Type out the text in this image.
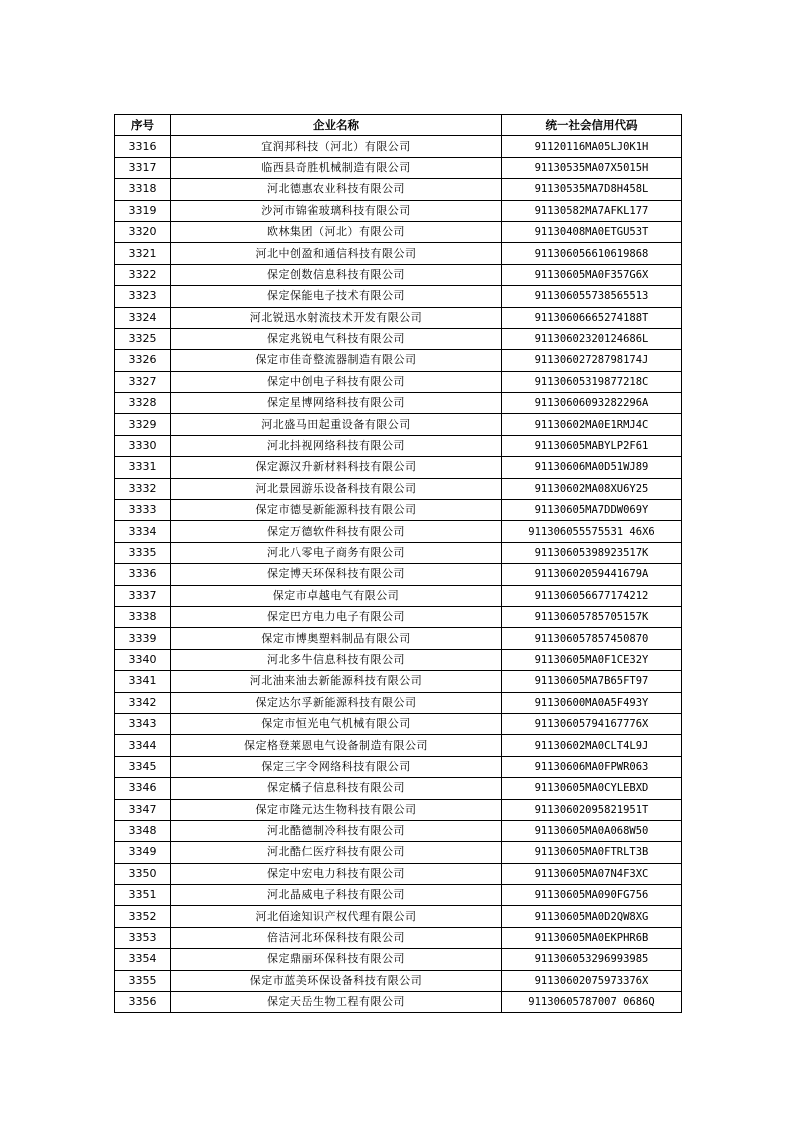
序号	企业名称	统一社会信用代码
3316	宜润邦科技（河北）有限公司	91120116MA05LJ0K1H
3317	临西县奇胜机械制造有限公司	91130535MA07X5015H
3318	河北德惠农业科技有限公司	91130535MA7D8H458L
3319	沙河市锦雀玻璃科技有限公司	91130582MA7AFKL177
3320	欧林集团（河北）有限公司	91130408MA0ETGU53T
3321	河北中创盈和通信科技有限公司	911306056610619868
3322	保定创数信息科技有限公司	91130605MA0F357G6X
3323	保定保能电子技术有限公司	911306055738565513
3324	河北锐迅水射流技术开发有限公司	91130606665274188T
3325	保定兆锐电气科技有限公司	91130602320124686L
3326	保定市佳奇整流器制造有限公司	91130602728798174J
3327	保定中创电子科技有限公司	91130605319877218C
3328	保定星博网络科技有限公司	91130606093282296A
3329	河北盛马田起重设备有限公司	91130602MA0E1RMJ4C
3330	河北抖视网络科技有限公司	91130605MABYLP2F61
3331	保定源汉升新材料科技有限公司	91130606MA0D51WJ89
3332	河北景园游乐设备科技有限公司	91130602MA08XU6Y25
3333	保定市德旻新能源科技有限公司	91130605MA7DDW069Y
3334	保定万德软件科技有限公司	911306055575531 46X6
3335	河北八零电子商务有限公司	91130605398923517K
3336	保定博天环保科技有限公司	91130602059441679A
3337	保定市卓越电气有限公司	911306056677174212
3338	保定巴方电力电子有限公司	91130605785705157K
3339	保定市博奥塑料制品有限公司	911306057857450870
3340	河北多牛信息科技有限公司	91130605MA0F1CE32Y
3341	河北油来油去新能源科技有限公司	91130605MA7B65FT97
3342	保定达尔孚新能源科技有限公司	91130600MA0A5F493Y
3343	保定市恒光电气机械有限公司	91130605794167776X
3344	保定格登莱恩电气设备制造有限公司	91130602MA0CLT4L9J
3345	保定三字令网络科技有限公司	91130606MA0FPWR063
3346	保定橘子信息科技有限公司	91130605MA0CYLEBXD
3347	保定市隆元达生物科技有限公司	91130602095821951T
3348	河北酷德制冷科技有限公司	91130605MA0A068W50
3349	河北酷仁医疗科技有限公司	91130605MA0FTRLT3B
3350	保定中宏电力科技有限公司	91130605MA07N4F3XC
3351	河北晶威电子科技有限公司	91130605MA090FG756
3352	河北佰途知识产权代理有限公司	91130605MA0D2QW8XG
3353	倍洁河北环保科技有限公司	91130605MA0EKPHR6B
3354	保定鼎丽环保科技有限公司	911306053296993985
3355	保定市蓝美环保设备科技有限公司	91130602075973376X
3356	保定天岳生物工程有限公司	91130605787007 0686Q
